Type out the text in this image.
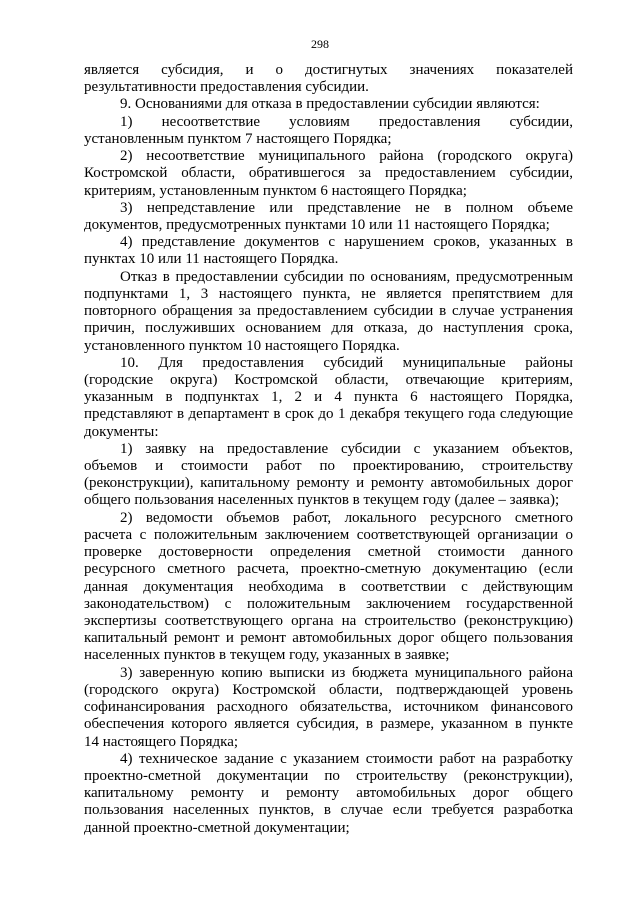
298
является субсидия, и о достигнутых значениях показателей
результативности предоставления субсидии.
9. Основаниями для отказа в предоставлении субсидии являются:
1) несоответствие условиям предоставления субсидии,
установленным пунктом 7 настоящего Порядка;
2) несоответствие муниципального района (городского округа)
Костромской области, обратившегося за предоставлением субсидии,
критериям, установленным пунктом 6 настоящего Порядка;
3) непредставление или представление не в полном объеме
документов, предусмотренных пунктами 10 или 11 настоящего Порядка;
4) представление документов с нарушением сроков, указанных в
пунктах 10 или 11 настоящего Порядка.
Отказ в предоставлении субсидии по основаниям, предусмотренным
подпунктами 1, 3 настоящего пункта, не является препятствием для
повторного обращения за предоставлением субсидии в случае устранения
причин, послуживших основанием для отказа, до наступления срока,
установленного пунктом 10 настоящего Порядка.
10. Для предоставления субсидий муниципальные районы
(городские округа) Костромской области, отвечающие критериям,
указанным в подпунктах 1, 2 и 4 пункта 6 настоящего Порядка,
представляют в департамент в срок до 1 декабря текущего года следующие
документы:
1) заявку на предоставление субсидии с указанием объектов,
объемов и стоимости работ по проектированию, строительству
(реконструкции), капитальному ремонту и ремонту автомобильных дорог
общего пользования населенных пунктов в текущем году (далее – заявка);
2) ведомости объемов работ, локального ресурсного сметного
расчета с положительным заключением соответствующей организации о
проверке достоверности определения сметной стоимости данного
ресурсного сметного расчета, проектно-сметную документацию (если
данная документация необходима в соответствии с действующим
законодательством) с положительным заключением государственной
экспертизы соответствующего органа на строительство (реконструкцию)
капитальный ремонт и ремонт автомобильных дорог общего пользования
населенных пунктов в текущем году, указанных в заявке;
3) заверенную копию выписки из бюджета муниципального района
(городского округа) Костромской области, подтверждающей уровень
софинансирования расходного обязательства, источником финансового
обеспечения которого является субсидия, в размере, указанном в пункте
14 настоящего Порядка;
4) техническое задание с указанием стоимости работ на разработку
проектно-сметной документации по строительству (реконструкции),
капитальному ремонту и ремонту автомобильных дорог общего
пользования населенных пунктов, в случае если требуется разработка
данной проектно-сметной документации;
